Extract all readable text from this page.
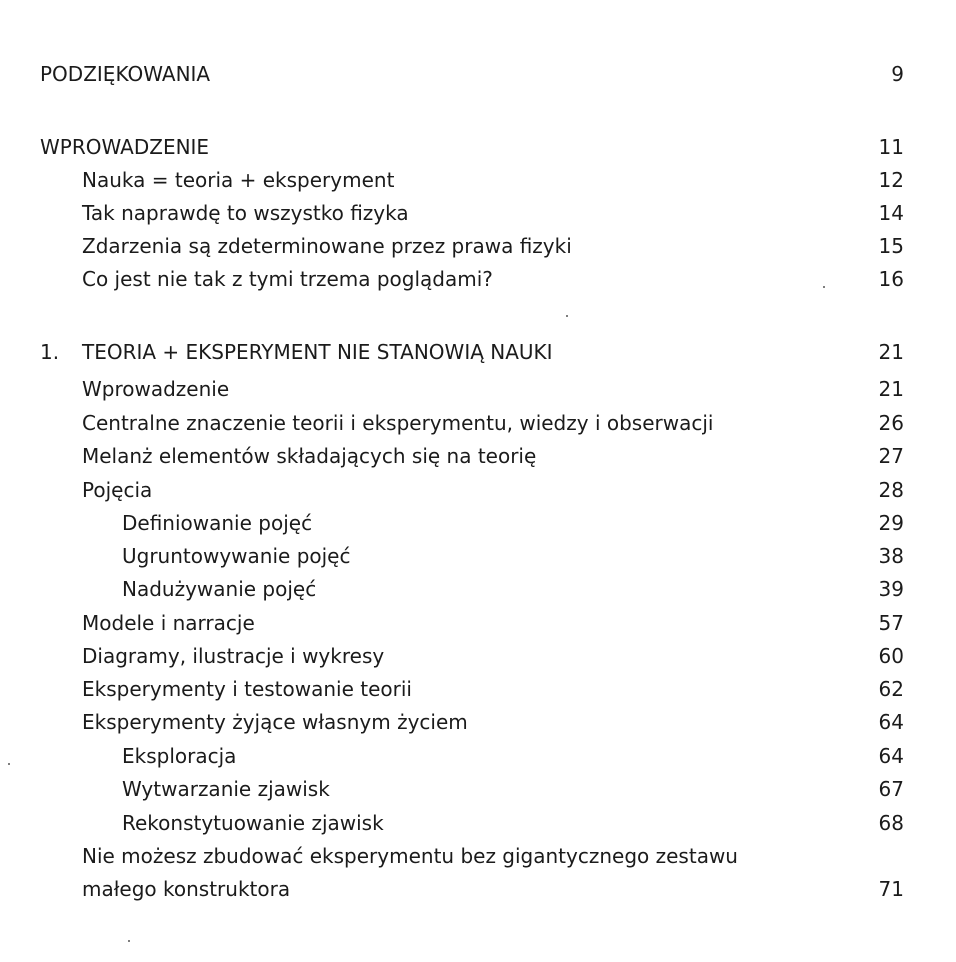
PODZIĘKOWANIA	9
WPROWADZENIE	11
Nauka = teoria + eksperyment	12
Tak naprawdę to wszystko fizyka	14
Zdarzenia są zdeterminowane przez prawa fizyki	15
Co jest nie tak z tymi trzema poglądami?	16
1. TEORIA + EKSPERYMENT NIE STANOWIĄ NAUKI	21
Wprowadzenie	21
Centralne znaczenie teorii i eksperymentu, wiedzy i obserwacji	26
Melanż elementów składających się na teorię	27
Pojęcia	28
Definiowanie pojęć	29
Ugruntowywanie pojęć	38
Nadużywanie pojęć	39
Modele i narracje	57
Diagramy, ilustracje i wykresy	60
Eksperymenty i testowanie teorii	62
Eksperymenty żyjące własnym życiem	64
Eksploracja	64
Wytwarzanie zjawisk	67
Rekonstytuowanie zjawisk	68
Nie możesz zbudować eksperymentu bez gigantycznego zestawu
małego konstruktora	71
